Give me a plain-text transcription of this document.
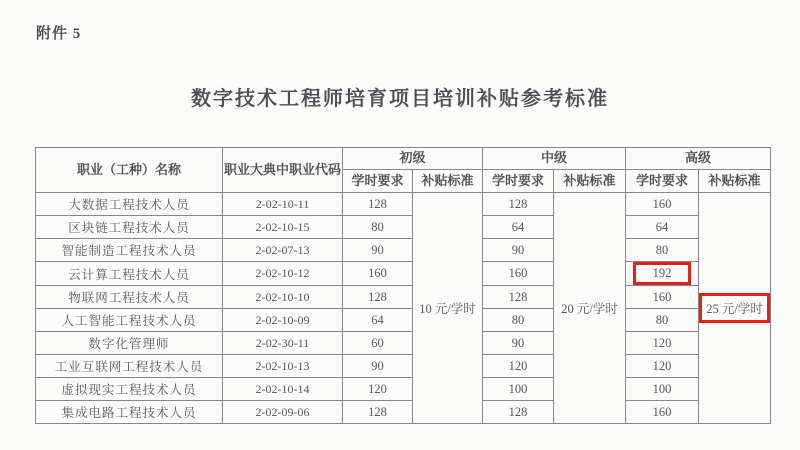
附件 5
数字技术工程师培育项目培训补贴参考标准
职业（工种）名称	职业大典中职业代码	初级		中级		高级	
		学时要求	补贴标准	学时要求	补贴标准	学时要求	补贴标准
大数据工程技术人员	2-02-10-11	128	10 元/学时	128	20 元/学时	160	25 元/学时
区块链工程技术人员	2-02-10-15	80		64		64	
智能制造工程技术人员	2-02-07-13	90		90		80	
云计算工程技术人员	2-02-10-12	160		160		192	
物联网工程技术人员	2-02-10-10	128		128		160	
人工智能工程技术人员	2-02-10-09	64		80		80	
数字化管理师	2-02-30-11	60		90		120	
工业互联网工程技术人员	2-02-10-13	90		120		120	
虚拟现实工程技术人员	2-02-10-14	120		100		100	
集成电路工程技术人员	2-02-09-06	128		128		160	
